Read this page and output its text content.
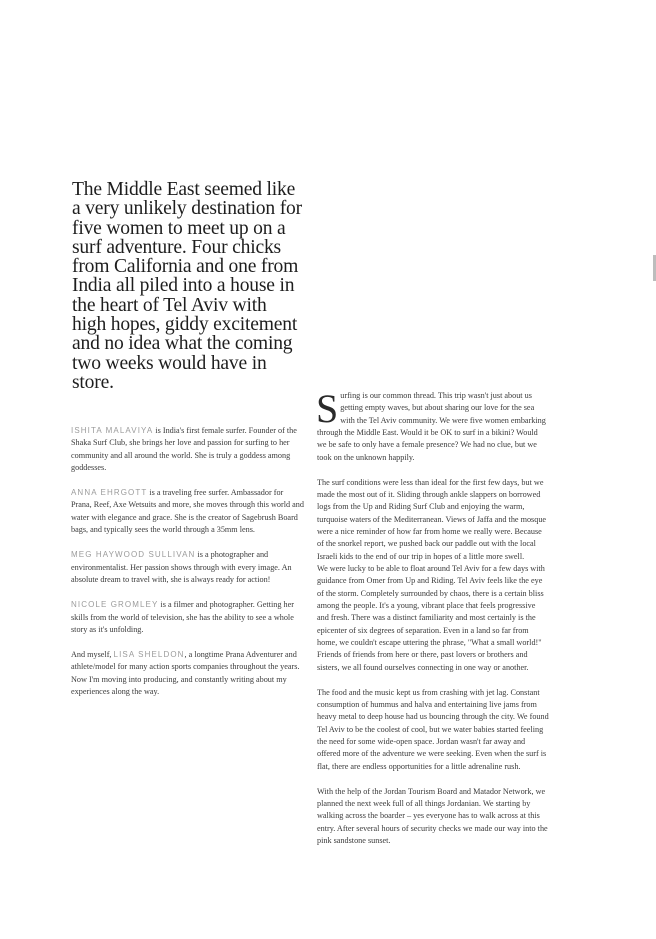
The Middle East seemed like a very unlikely destination for five women to meet up on a surf adventure. Four chicks from California and one from India all piled into a house in the heart of Tel Aviv with high hopes, giddy excitement and no idea what the coming two weeks would have in store.

ISHITA MALAVIYA is India's first female surfer. Founder of the Shaka Surf Club, she brings her love and passion for surfing to her community and all around the world. She is truly a goddess among goddesses.

ANNA EHRGOTT is a traveling free surfer. Ambassador for Prana, Reef, Axe Wetsuits and more, she moves through this world and water with elegance and grace. She is the creator of Sagebrush Board bags, and typically sees the world through a 35mm lens.

MEG HAYWOOD SULLIVAN is a photographer and environmentalist. Her passion shows through with every image. An absolute dream to travel with, she is always ready for action!

NICOLE GROMLEY is a filmer and photographer. Getting her skills from the world of television, she has the ability to see a whole story as it's unfolding.

And myself, LISA SHELDON, a longtime Prana Adventurer and athlete/model for many action sports companies throughout the years. Now I'm moving into producing, and constantly writing about my experiences along the way.

Surfing is our common thread. This trip wasn't just about us getting empty waves, but about sharing our love for the sea with the Tel Aviv community. We were five women embarking through the Middle East. Would it be OK to surf in a bikini? Would we be safe to only have a female presence? We had no clue, but we took on the unknown happily.

The surf conditions were less than ideal for the first few days, but we made the most out of it. Sliding through ankle slappers on borrowed logs from the Up and Riding Surf Club and enjoying the warm, turquoise waters of the Mediterranean. Views of Jaffa and the mosque were a nice reminder of how far from home we really were. Because of the snorkel report, we pushed back our paddle out with the local Israeli kids to the end of our trip in hopes of a little more swell.

We were lucky to be able to float around Tel Aviv for a few days with guidance from Omer from Up and Riding. Tel Aviv feels like the eye of the storm. Completely surrounded by chaos, there is a certain bliss among the people. It's a young, vibrant place that feels progressive and fresh. There was a distinct familiarity and most certainly is the epicenter of six degrees of separation. Even in a land so far from home, we couldn't escape uttering the phrase, "What a small world!" Friends of friends from here or there, past lovers or brothers and sisters, we all found ourselves connecting in one way or another.

The food and the music kept us from crashing with jet lag. Constant consumption of hummus and halva and entertaining live jams from heavy metal to deep house had us bouncing through the city. We found Tel Aviv to be the coolest of cool, but we water babies started feeling the need for some wide-open space. Jordan wasn't far away and offered more of the adventure we were seeking. Even when the surf is flat, there are endless opportunities for a little adrenaline rush.

With the help of the Jordan Tourism Board and Matador Network, we planned the next week full of all things Jordanian. We starting by walking across the boarder – yes everyone has to walk across at this entry. After several hours of security checks we made our way into the pink sandstone sunset.
